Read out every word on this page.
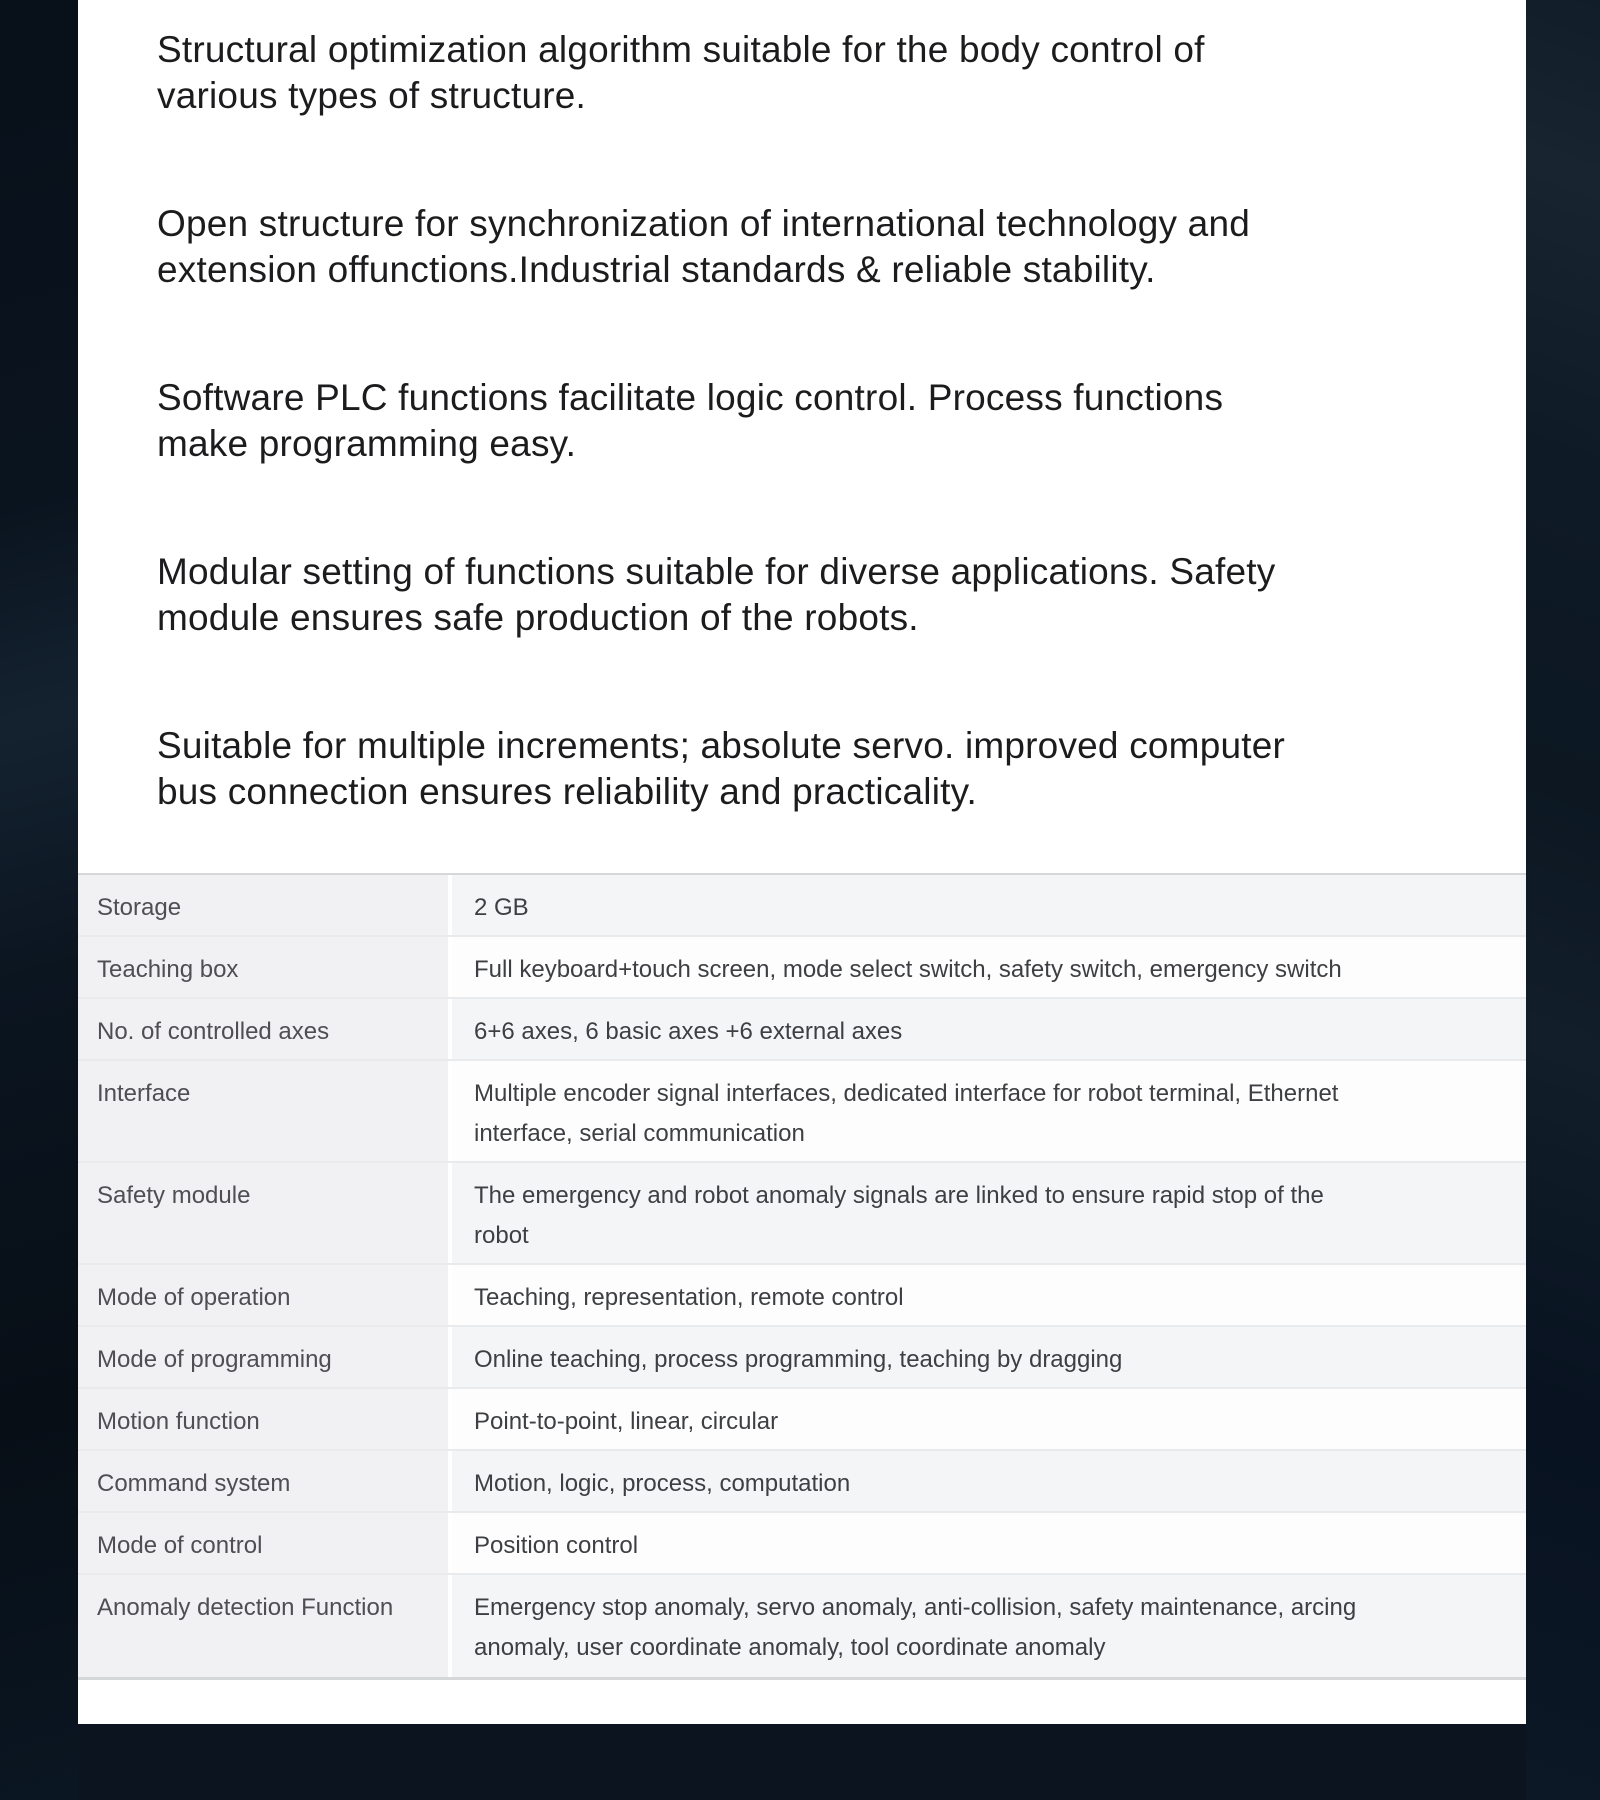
Structural optimization algorithm suitable for the body control of
various types of structure.

Open structure for synchronization of international technology and
extension offunctions.Industrial standards & reliable stability.

Software PLC functions facilitate logic control. Process functions
make programming easy.

Modular setting of functions suitable for diverse applications. Safety
module ensures safe production of the robots.

Suitable for multiple increments; absolute servo. improved computer
bus connection ensures reliability and practicality.

Storage	2 GB
Teaching box	Full keyboard+touch screen, mode select switch, safety switch, emergency switch
No. of controlled axes	6+6 axes, 6 basic axes +6 external axes
Interface	Multiple encoder signal interfaces, dedicated interface for robot terminal, Ethernet
interface, serial communication
Safety module	The emergency and robot anomaly signals are linked to ensure rapid stop of the
robot
Mode of operation	Teaching, representation, remote control
Mode of programming	Online teaching, process programming, teaching by dragging
Motion function	Point-to-point, linear, circular
Command system	Motion, logic, process, computation
Mode of control	Position control
Anomaly detection Function	Emergency stop anomaly, servo anomaly, anti-collision, safety maintenance, arcing
anomaly, user coordinate anomaly, tool coordinate anomaly
